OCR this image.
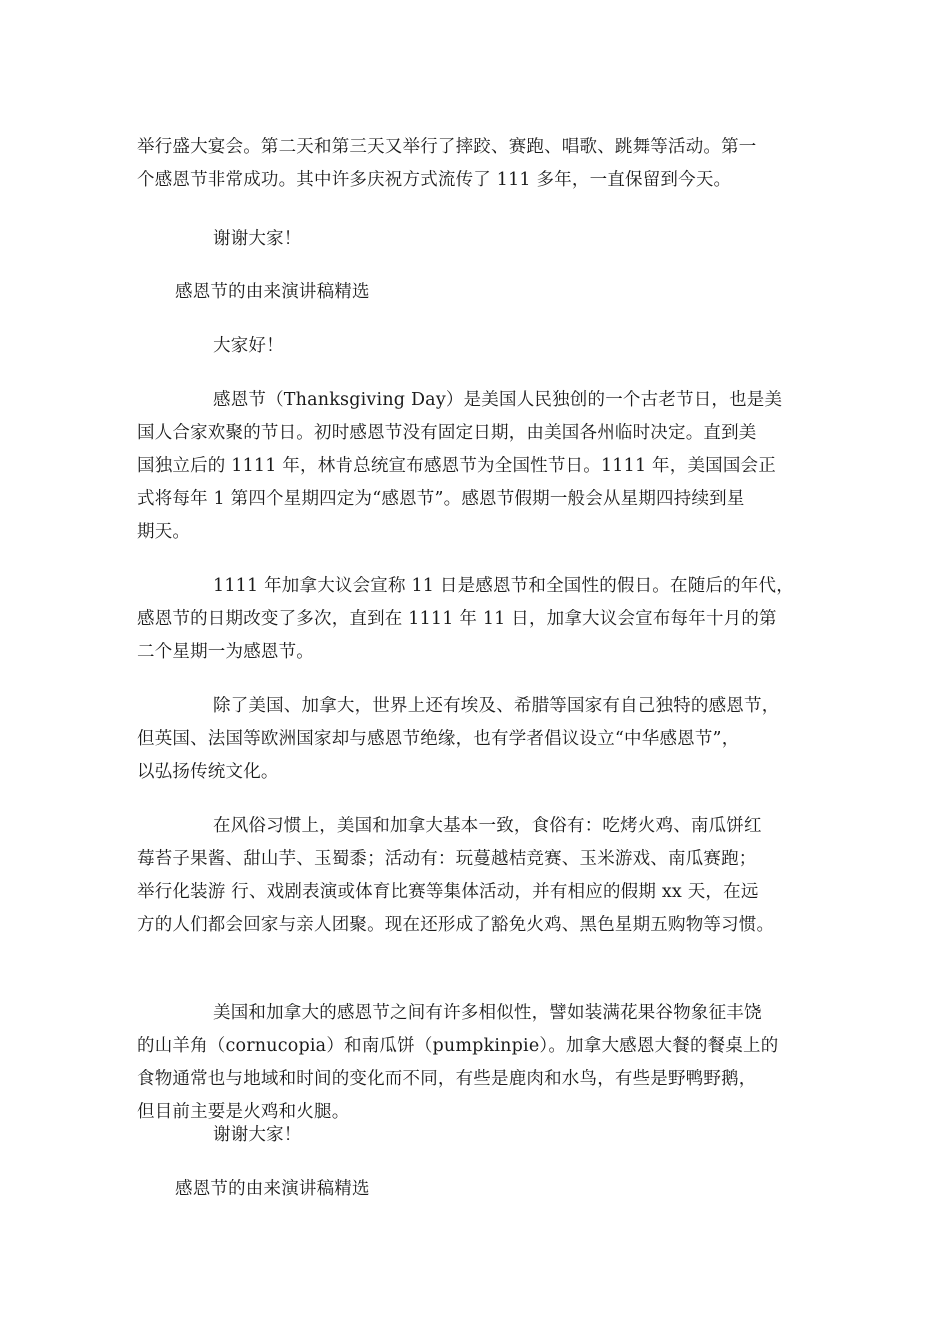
举行盛大宴会。第二天和第三天又举行了摔跤、赛跑、唱歌、跳舞等活动。第一
个感恩节非常成功。其中许多庆祝方式流传了 111 多年，一直保留到今天。

谢谢大家！

感恩节的由来演讲稿精选

大家好！

感恩节（Thanksgiving Day）是美国人民独创的一个古老节日，也是美
国人合家欢聚的节日。初时感恩节没有固定日期，由美国各州临时决定。直到美
国独立后的 1111 年，林肯总统宣布感恩节为全国性节日。1111 年，美国国会正
式将每年 1 第四个星期四定为“感恩节”。感恩节假期一般会从星期四持续到星
期天。

1111 年加拿大议会宣称 11 日是感恩节和全国性的假日。在随后的年代，
感恩节的日期改变了多次，直到在 1111 年 11 日，加拿大议会宣布每年十月的第
二个星期一为感恩节。

除了美国、加拿大，世界上还有埃及、希腊等国家有自己独特的感恩节，
但英国、法国等欧洲国家却与感恩节绝缘，也有学者倡议设立“中华感恩节”，
以弘扬传统文化。

在风俗习惯上，美国和加拿大基本一致，食俗有：吃烤火鸡、南瓜饼红
莓苔子果酱、甜山芋、玉蜀黍；活动有：玩蔓越桔竞赛、玉米游戏、南瓜赛跑；
举行化装游 行、戏剧表演或体育比赛等集体活动，并有相应的假期 xx 天，在远
方的人们都会回家与亲人团聚。现在还形成了豁免火鸡、黑色星期五购物等习惯。

美国和加拿大的感恩节之间有许多相似性，譬如装满花果谷物象征丰饶
的山羊角（cornucopia）和南瓜饼（pumpkinpie）。加拿大感恩大餐的餐桌上的
食物通常也与地域和时间的变化而不同，有些是鹿肉和水鸟，有些是野鸭野鹅，
但目前主要是火鸡和火腿。

谢谢大家！

感恩节的由来演讲稿精选
